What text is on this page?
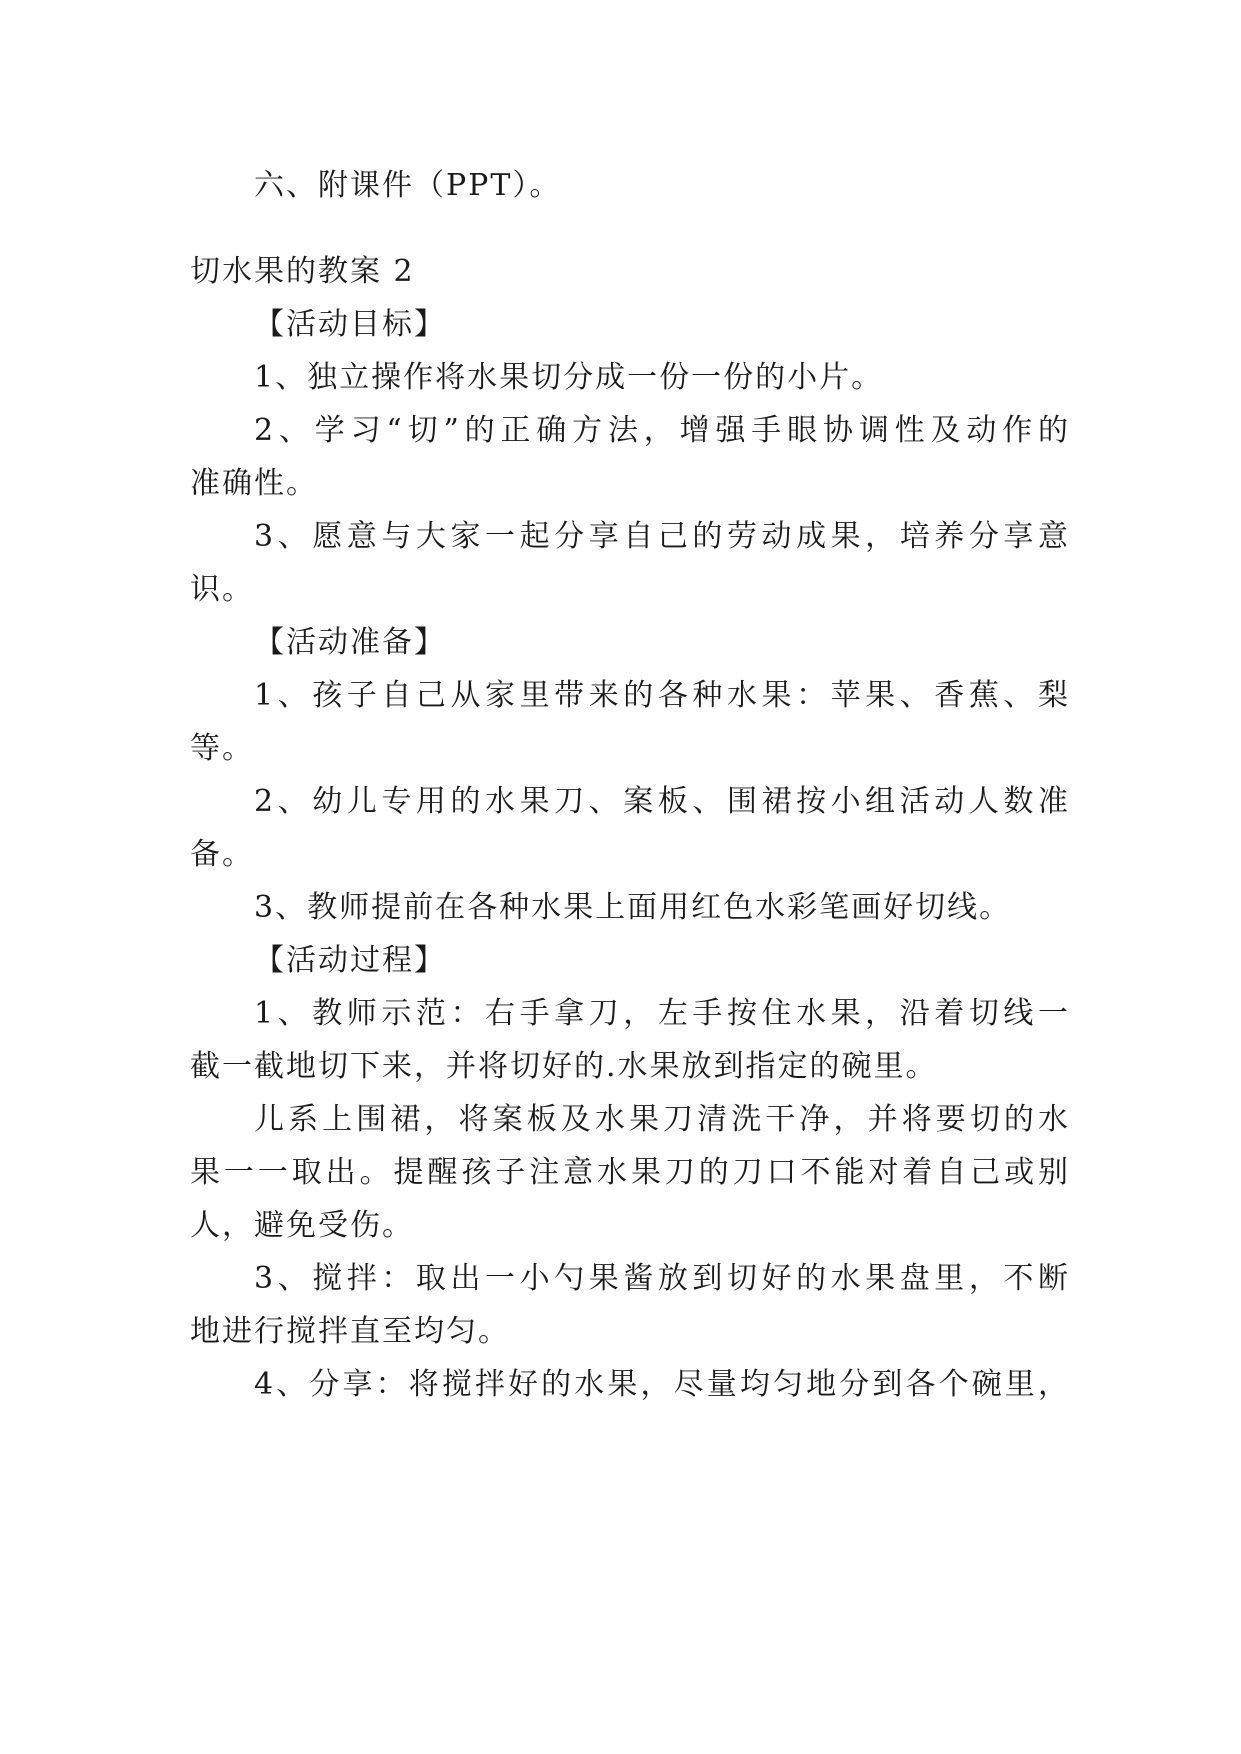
六、附课件（PPT）。
切水果的教案 2
【活动目标】
1、独立操作将水果切分成一份一份的小片。
2、学习“切”的正确方法，增强手眼协调性及动作的
准确性。
3、愿意与大家一起分享自己的劳动成果，培养分享意
识。
【活动准备】
1、孩子自己从家里带来的各种水果：苹果、香蕉、梨
等。
2、幼儿专用的水果刀、案板、围裙按小组活动人数准
备。
3、教师提前在各种水果上面用红色水彩笔画好切线。
【活动过程】
1、教师示范：右手拿刀，左手按住水果，沿着切线一
截一截地切下来，并将切好的.水果放到指定的碗里。
儿系上围裙，将案板及水果刀清洗干净，并将要切的水
果一一取出。提醒孩子注意水果刀的刀口不能对着自己或别
人，避免受伤。
3、搅拌：取出一小勺果酱放到切好的水果盘里，不断
地进行搅拌直至均匀。
4、分享：将搅拌好的水果，尽量均匀地分到各个碗里，
